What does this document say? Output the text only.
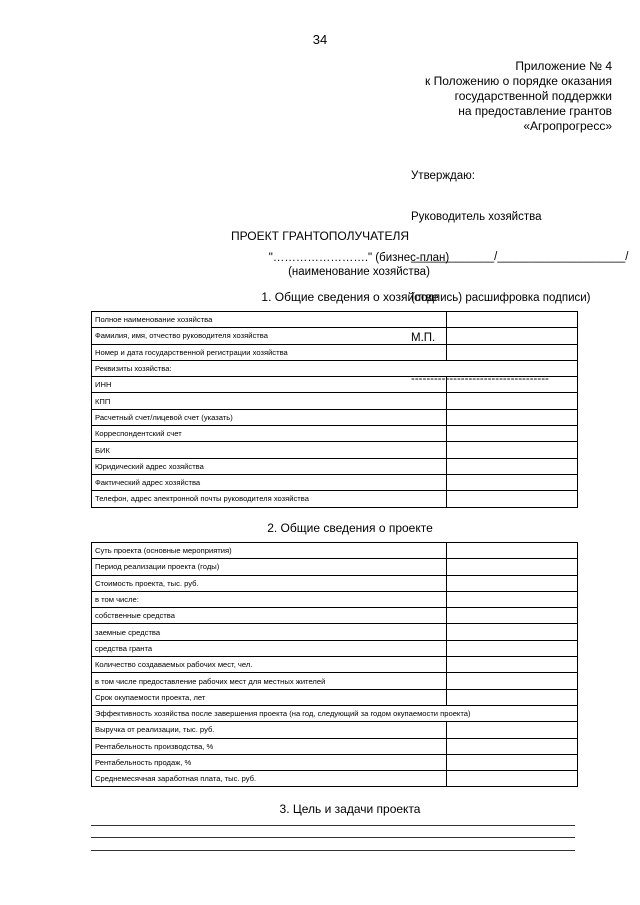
34
Приложение № 4
к Положению о порядке оказания
государственной поддержки
на предоставление грантов
«Агропрогресс»

Утверждаю:

Руководитель хозяйства

_____________/____________________/

(подпись) расшифровка подписи)

М.П.

------------------------------------

ПРОЕКТ ГРАНТОПОЛУЧАТЕЛЯ
"……………………." (бизнес-план)
(наименование хозяйства)
1. Общие сведения о хозяйстве
Полное наименование хозяйства	
Фамилия, имя, отчество руководителя хозяйства	
Номер и дата государственной регистрации хозяйства	
Реквизиты хозяйства:	
ИНН	
КПП	
Расчетный счет/лицевой счет (указать)	
Корреспондентский счет	
БИК	
Юридический адрес хозяйства	
Фактический адрес хозяйства	
Телефон, адрес электронной почты руководителя хозяйства	
2. Общие сведения о проекте
Суть проекта (основные мероприятия)	
Период реализации проекта (годы)	
Стоимость проекта, тыс. руб.	
в том числе:	
собственные средства	
заемные средства	
средства гранта	
Количество создаваемых рабочих мест, чел.	
в том числе предоставление рабочих мест для местных жителей	
Срок окупаемости проекта, лет	
Эффективность хозяйства после завершения проекта (на год, следующий за годом окупаемости проекта)	
Выручка от реализации, тыс. руб.	
Рентабельность производства, %	
Рентабельность продаж, %	
Среднемесячная заработная плата, тыс. руб.	
3. Цель и задачи проекта
